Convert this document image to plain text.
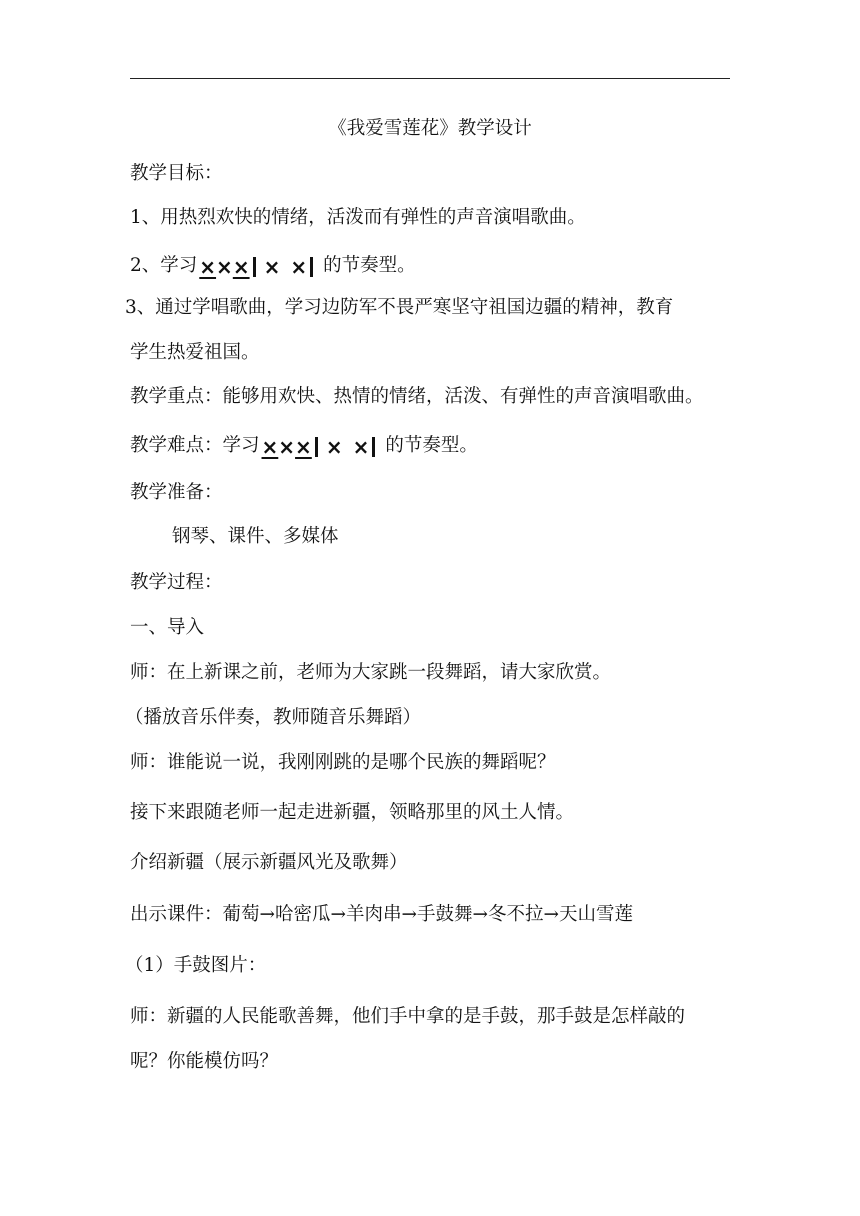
《我爱雪莲花》教学设计
教学目标：
1、用热烈欢快的情绪，活泼而有弹性的声音演唱歌曲。
2、学习 ××× × × 的节奏型。
3、通过学唱歌曲，学习边防军不畏严寒坚守祖国边疆的精神，教育
学生热爱祖国。
教学重点：能够用欢快、热情的情绪，活泼、有弹性的声音演唱歌曲。
教学难点：学习 ××× × × 的节奏型。
教学准备：
钢琴、课件、多媒体
教学过程：
一、导入
师：在上新课之前，老师为大家跳一段舞蹈，请大家欣赏。
（播放音乐伴奏，教师随音乐舞蹈）
师：谁能说一说，我刚刚跳的是哪个民族的舞蹈呢？
接下来跟随老师一起走进新疆，领略那里的风土人情。
介绍新疆（展示新疆风光及歌舞）
出示课件：葡萄→哈密瓜→羊肉串→手鼓舞→冬不拉→天山雪莲
（1）手鼓图片：
师：新疆的人民能歌善舞，他们手中拿的是手鼓，那手鼓是怎样敲的
呢？你能模仿吗？
